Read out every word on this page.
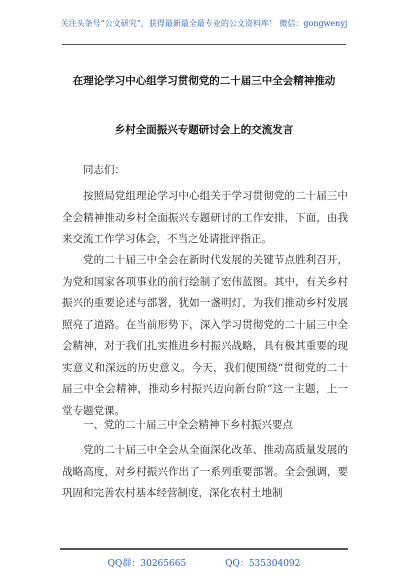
关注头条号“公文研究”，获得最新最全最专业的公文资料库！ 微信：gongwenyj
在理论学习中心组学习贯彻党的二十届三中全会精神推动
乡村全面振兴专题研讨会上的交流发言
同志们：
按照局党组理论学习中心组关于学习贯彻党的二十届三中全会精神推动乡村全面振兴专题研讨的工作安排，下面，由我来交流工作学习体会，不当之处请批评指正。
党的二十届三中全会在新时代发展的关键节点胜利召开，为党和国家各项事业的前行绘制了宏伟蓝图。其中，有关乡村振兴的重要论述与部署，犹如一盏明灯，为我们推动乡村发展照亮了道路。在当前形势下，深入学习贯彻党的二十届三中全会精神，对于我们扎实推进乡村振兴战略，具有极其重要的现实意义和深远的历史意义。今天，我们便围绕“贯彻党的二十届三中全会精神，推动乡村振兴迈向新台阶”这一主题，上一堂专题党课。
一、党的二十届三中全会精神下乡村振兴要点
党的二十届三中全会从全面深化改革、推动高质量发展的战略高度，对乡村振兴作出了一系列重要部署。全会强调，要巩固和完善农村基本经营制度，深化农村土地制
QQ群：30265665	QQ：535304092
